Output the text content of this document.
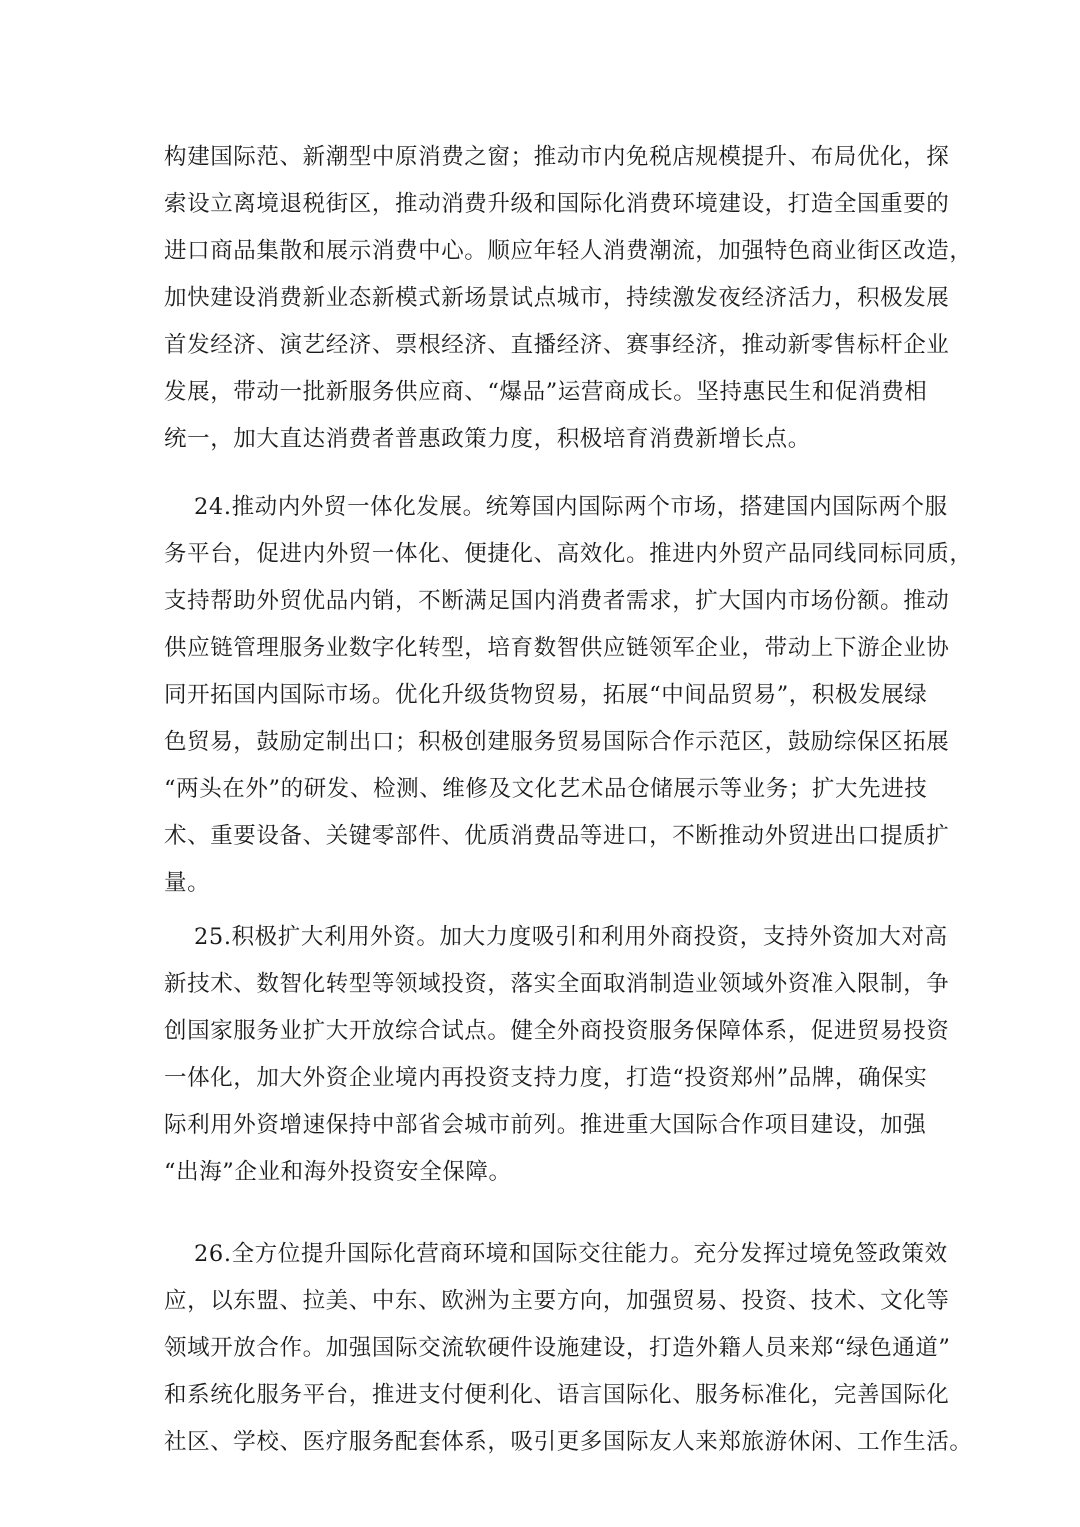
构建国际范、新潮型中原消费之窗；推动市内免税店规模提升、布局优化，探
索设立离境退税街区，推动消费升级和国际化消费环境建设，打造全国重要的
进口商品集散和展示消费中心。顺应年轻人消费潮流，加强特色商业街区改造，
加快建设消费新业态新模式新场景试点城市，持续激发夜经济活力，积极发展
首发经济、演艺经济、票根经济、直播经济、赛事经济，推动新零售标杆企业
发展，带动一批新服务供应商、“爆品”运营商成长。坚持惠民生和促消费相
统一，加大直达消费者普惠政策力度，积极培育消费新增长点。
24.推动内外贸一体化发展。统筹国内国际两个市场，搭建国内国际两个服
务平台，促进内外贸一体化、便捷化、高效化。推进内外贸产品同线同标同质，
支持帮助外贸优品内销，不断满足国内消费者需求，扩大国内市场份额。推动
供应链管理服务业数字化转型，培育数智供应链领军企业，带动上下游企业协
同开拓国内国际市场。优化升级货物贸易，拓展“中间品贸易”，积极发展绿
色贸易，鼓励定制出口；积极创建服务贸易国际合作示范区，鼓励综保区拓展
“两头在外”的研发、检测、维修及文化艺术品仓储展示等业务；扩大先进技
术、重要设备、关键零部件、优质消费品等进口，不断推动外贸进出口提质扩
量。
25.积极扩大利用外资。加大力度吸引和利用外商投资，支持外资加大对高
新技术、数智化转型等领域投资，落实全面取消制造业领域外资准入限制，争
创国家服务业扩大开放综合试点。健全外商投资服务保障体系，促进贸易投资
一体化，加大外资企业境内再投资支持力度，打造“投资郑州”品牌，确保实
际利用外资增速保持中部省会城市前列。推进重大国际合作项目建设，加强
“出海”企业和海外投资安全保障。
26.全方位提升国际化营商环境和国际交往能力。充分发挥过境免签政策效
应，以东盟、拉美、中东、欧洲为主要方向，加强贸易、投资、技术、文化等
领域开放合作。加强国际交流软硬件设施建设，打造外籍人员来郑“绿色通道”
和系统化服务平台，推进支付便利化、语言国际化、服务标准化，完善国际化
社区、学校、医疗服务配套体系，吸引更多国际友人来郑旅游休闲、工作生活。
